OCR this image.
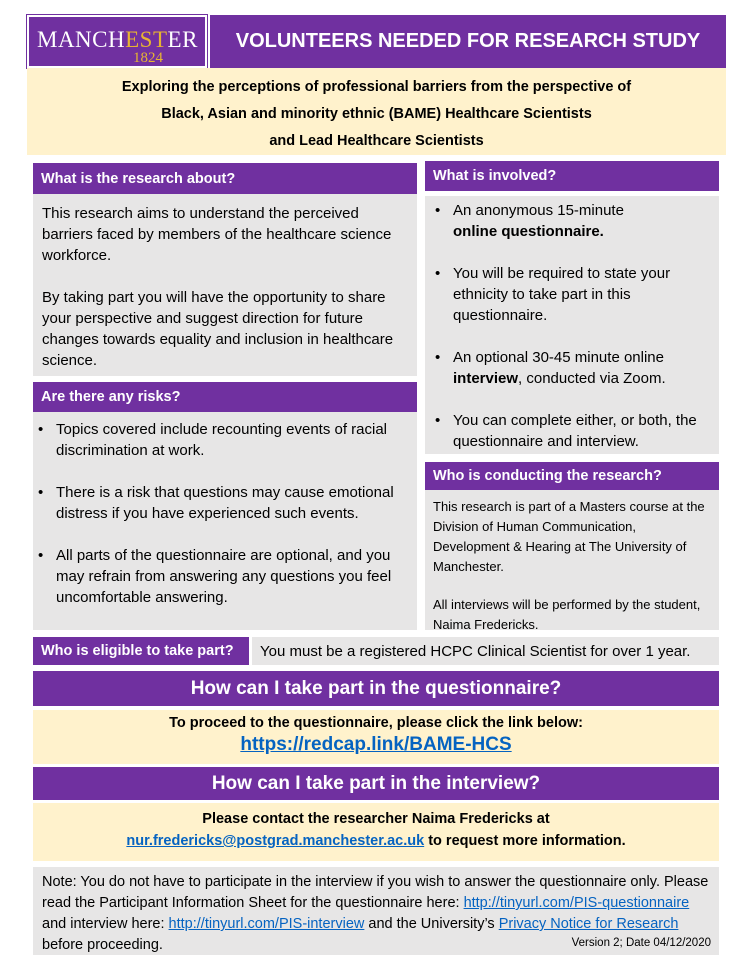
MANCHESTER
1824
VOLUNTEERS NEEDED FOR RESEARCH STUDY
Exploring the perceptions of professional barriers from the perspective of
Black, Asian and minority ethnic (BAME) Healthcare Scientists
and Lead Healthcare Scientists
What is the research about?

This research aims to understand the perceived barriers faced by members of the healthcare science workforce.

By taking part you will have the opportunity to share your perspective and suggest direction for future changes towards equality and inclusion in healthcare science.

Are there any risks?
• Topics covered include recounting events of racial discrimination at work.
• There is a risk that questions may cause emotional distress if you have experienced such events.
• All parts of the questionnaire are optional, and you may refrain from answering any questions you feel uncomfortable answering.
What is involved?
• An anonymous 15-minute
online questionnaire.
• You will be required to state your ethnicity to take part in this questionnaire.
• An optional 30-45 minute online
interview, conducted via Zoom.
• You can complete either, or both, the questionnaire and interview.
Who is conducting the research?

This research is part of a Masters course at the Division of Human Communication, Development & Hearing at The University of Manchester.

All interviews will be performed by the student, Naima Fredericks.

Who is eligible to take part?	You must be a registered HCPC Clinical Scientist for over 1 year.
How can I take part in the questionnaire?
To proceed to the questionnaire, please click the link below:
https://redcap.link/BAME-HCS
How can I take part in the interview?
Please contact the researcher Naima Fredericks at
nur.fredericks@postgrad.manchester.ac.uk to request more information.
Note: You do not have to participate in the interview if you wish to answer the questionnaire only. Please read the Participant Information Sheet for the questionnaire here: http://tinyurl.com/PIS-questionnaire and interview here: http://tinyurl.com/PIS-interview and the University’s Privacy Notice for Research before proceeding.	Version 2; Date 04/12/2020
